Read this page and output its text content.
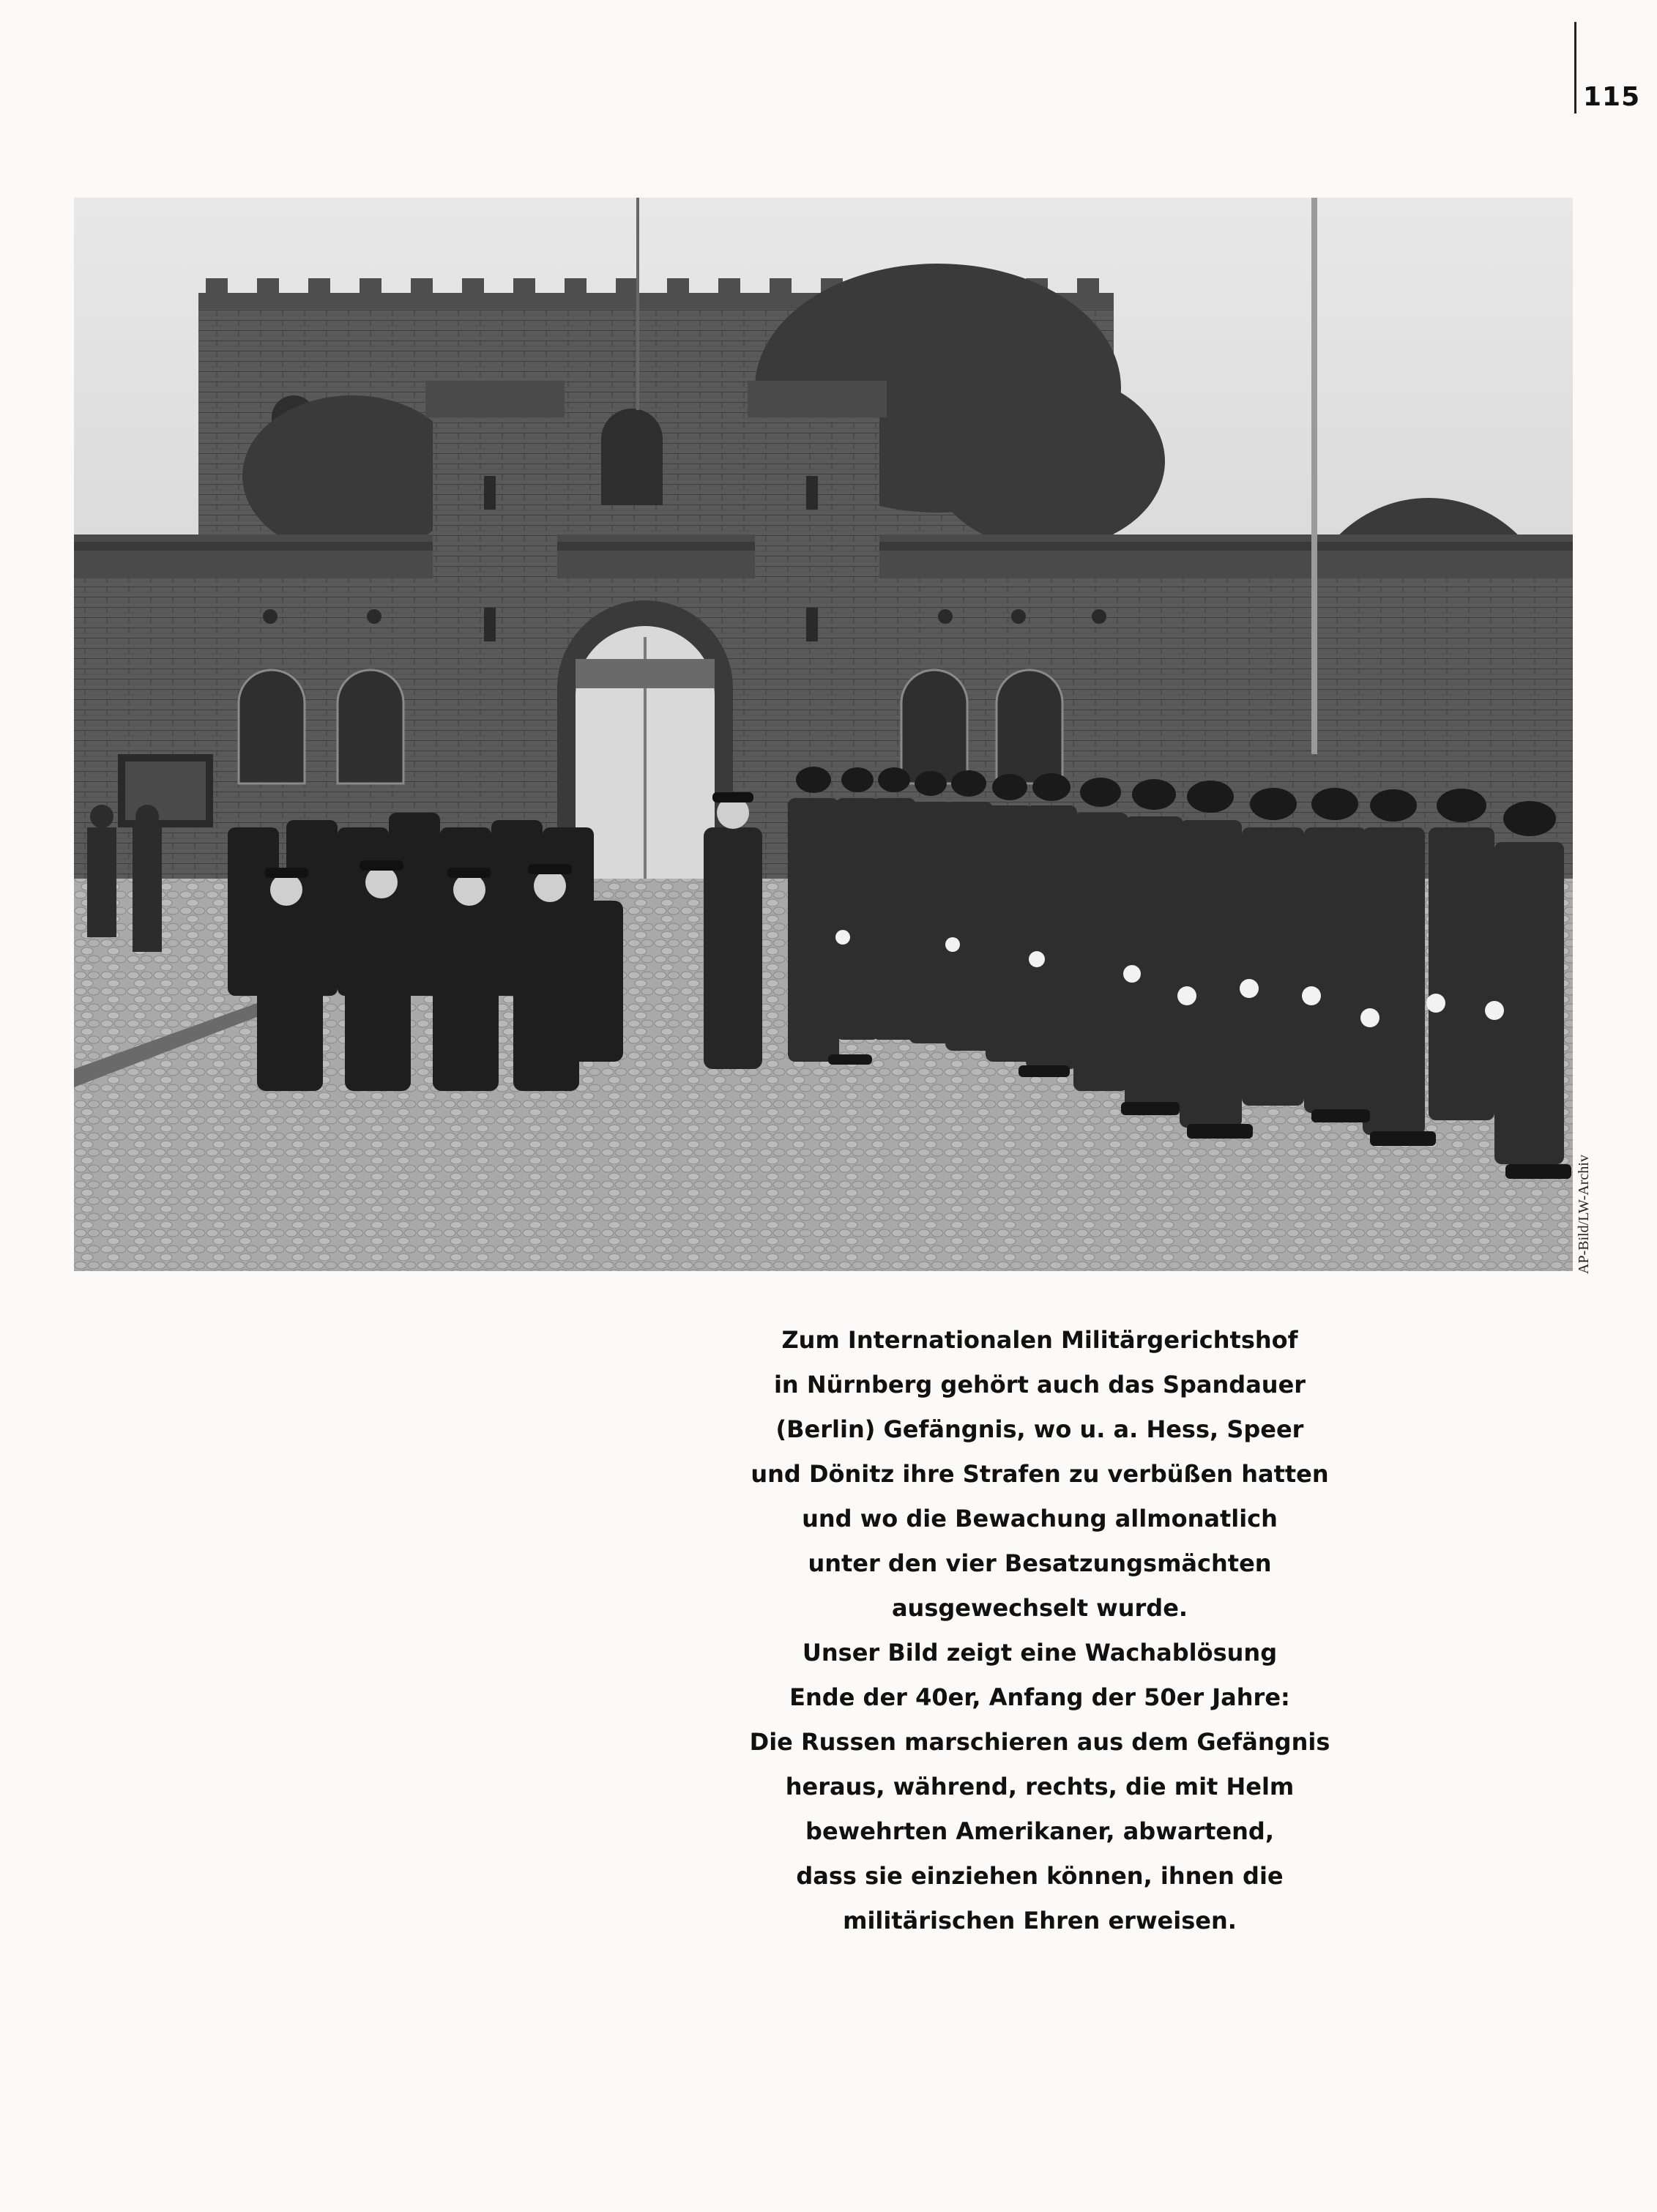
115
AP-Bild/LW-Archiv

Zum Internationalen Militärgerichtshof
in Nürnberg gehört auch das Spandauer
(Berlin) Gefängnis, wo u. a. Hess, Speer
und Dönitz ihre Strafen zu verbüßen hatten
und wo die Bewachung allmonatlich
unter den vier Besatzungsmächten
ausgewechselt wurde.
Unser Bild zeigt eine Wachablösung
Ende der 40er, Anfang der 50er Jahre:
Die Russen marschieren aus dem Gefängnis
heraus, während, rechts, die mit Helm
bewehrten Amerikaner, abwartend,
dass sie einziehen können, ihnen die
militärischen Ehren erweisen.
